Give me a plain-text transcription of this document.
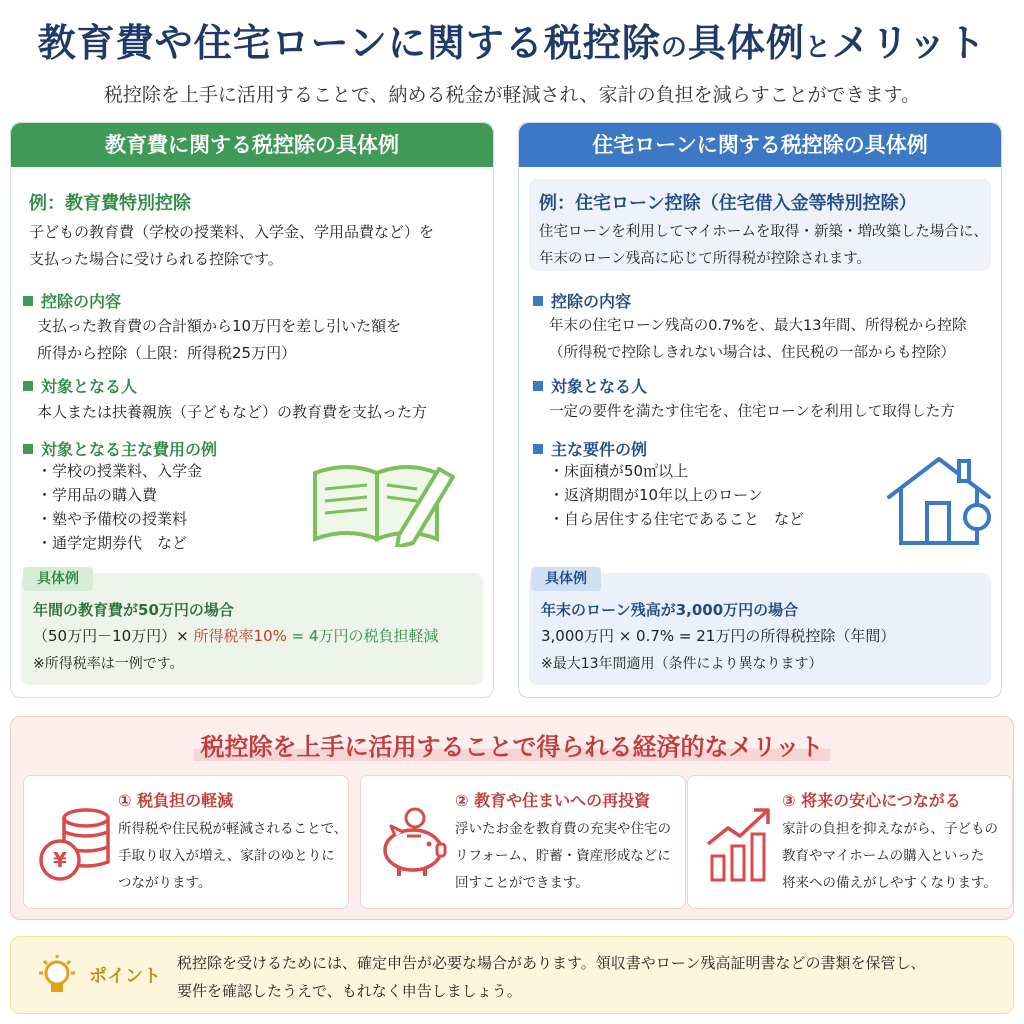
教育費や住宅ローンに関する税控除の具体例とメリット
税控除を上手に活用することで、納める税金が軽減され、家計の負担を減らすことができます。
教育費に関する税控除の具体例
例：教育費特別控除
子どもの教育費（学校の授業料、入学金、学用品費など）を
支払った場合に受けられる控除です。
控除の内容
支払った教育費の合計額から10万円を差し引いた額を
所得から控除（上限：所得税25万円）
対象となる人
本人または扶養親族（子どもなど）の教育費を支払った方
対象となる主な費用の例
・学校の授業料、入学金
・学用品の購入費
・塾や予備校の授業料
・通学定期券代　など
具体例
年間の教育費が50万円の場合
（50万円－10万円）× 所得税率10% = 4万円の税負担軽減
※所得税率は一例です。
住宅ローンに関する税控除の具体例
例：住宅ローン控除（住宅借入金等特別控除）
住宅ローンを利用してマイホームを取得・新築・増改築した場合に、
年末のローン残高に応じて所得税が控除されます。
控除の内容
年末の住宅ローン残高の0.7%を、最大13年間、所得税から控除
（所得税で控除しきれない場合は、住民税の一部からも控除）
対象となる人
一定の要件を満たす住宅を、住宅ローンを利用して取得した方
主な要件の例
・床面積が50㎡以上
・返済期間が10年以上のローン
・自ら居住する住宅であること　など
具体例
年末のローン残高が3,000万円の場合
3,000万円 × 0.7% = 21万円の所得税控除（年間）
※最大13年間適用（条件により異なります）
税控除を上手に活用することで得られる経済的なメリット
¥
① 税負担の軽減
所得税や住民税が軽減されることで、
手取り収入が増え、家計のゆとりに
つながります。
② 教育や住まいへの再投資
浮いたお金を教育費の充実や住宅の
リフォーム、貯蓄・資産形成などに
回すことができます。
③ 将来の安心につながる
家計の負担を抑えながら、子どもの
教育やマイホームの購入といった
将来への備えがしやすくなります。
ポイント
税控除を受けるためには、確定申告が必要な場合があります。領収書やローン残高証明書などの書類を保管し、
要件を確認したうえで、もれなく申告しましょう。
